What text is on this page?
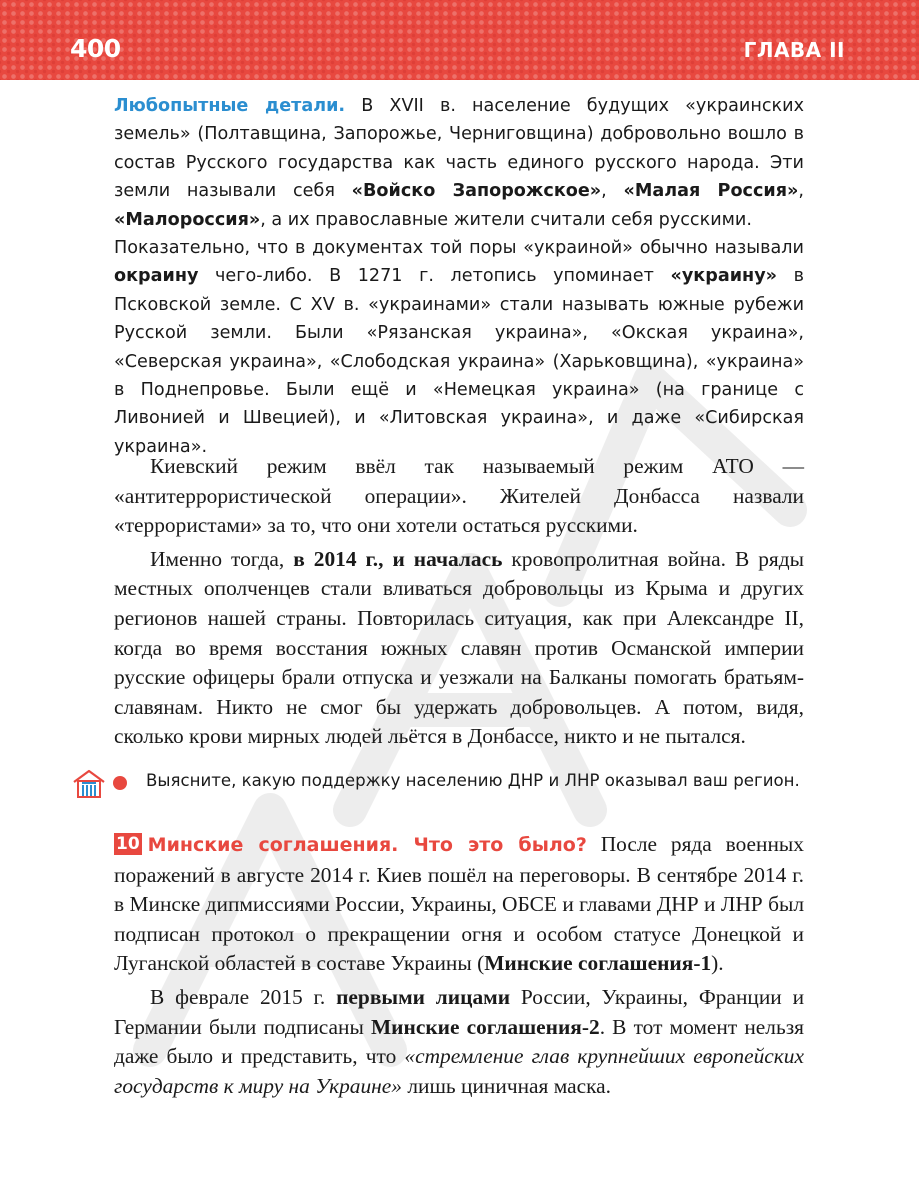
400	ГЛАВА II

Любопытные детали. В XVII в. население будущих «украинских земель» (Полтавщина, Запорожье, Черниговщина) добровольно вошло в состав Русского государства как часть единого русского народа. Эти земли называли себя «Войско Запорожское», «Малая Россия», «Малороссия», а их православные жители считали себя русскими.

Показательно, что в документах той поры «украиной» обычно называли окраину чего-либо. В 1271 г. летопись упоминает «украину» в Псковской земле. С XV в. «украинами» стали называть южные рубежи Русской земли. Были «Рязанская украина», «Окская украина», «Северская украина», «Слободская украина» (Харьковщина), «украина» в Поднепровье. Были ещё и «Немецкая украина» (на границе с Ливонией и Швецией), и «Литовская украина», и даже «Сибирская украина».

Киевский режим ввёл так называемый режим АТО — «антитеррористической операции». Жителей Донбасса назвали «террористами» за то, что они хотели остаться русскими.

Именно тогда, в 2014 г., и началась кровопролитная война. В ряды местных ополченцев стали вливаться добровольцы из Крыма и других регионов нашей страны. Повторилась ситуация, как при Александре II, когда во время восстания южных славян против Османской империи русские офицеры брали отпуска и уезжали на Балканы помогать братьям-славянам. Никто не смог бы удержать добровольцев. А потом, видя, сколько крови мирных людей льётся в Донбассе, никто и не пытался.

Выясните, какую поддержку населению ДНР и ЛНР оказывал ваш регион.

10 Минские соглашения. Что это было? После ряда военных поражений в августе 2014 г. Киев пошёл на переговоры. В сентябре 2014 г. в Минске дипмиссиями России, Украины, ОБСЕ и главами ДНР и ЛНР был подписан протокол о прекращении огня и особом статусе Донецкой и Луганской областей в составе Украины (Минские соглашения-1).

В феврале 2015 г. первыми лицами России, Украины, Франции и Германии были подписаны Минские соглашения-2. В тот момент нельзя даже было и представить, что «стремление глав крупнейших европейских государств к миру на Украине» лишь циничная маска.
